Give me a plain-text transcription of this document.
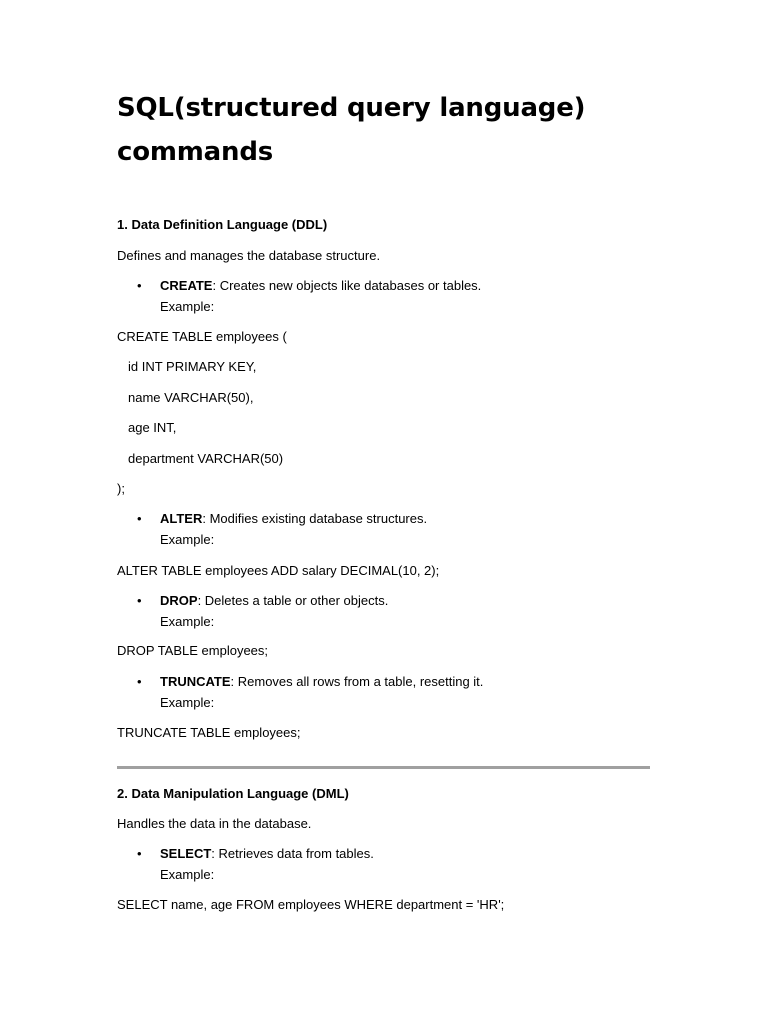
SQL(structured query language) commands

1. Data Definition Language (DDL)

Defines and manages the database structure.

• CREATE: Creates new objects like databases or tables.
Example:

CREATE TABLE employees (

id INT PRIMARY KEY,

name VARCHAR(50),

age INT,

department VARCHAR(50)

);

• ALTER: Modifies existing database structures.
Example:

ALTER TABLE employees ADD salary DECIMAL(10, 2);

• DROP: Deletes a table or other objects.
Example:

DROP TABLE employees;

• TRUNCATE: Removes all rows from a table, resetting it.
Example:

TRUNCATE TABLE employees;

2. Data Manipulation Language (DML)

Handles the data in the database.

• SELECT: Retrieves data from tables.
Example:

SELECT name, age FROM employees WHERE department = 'HR';
